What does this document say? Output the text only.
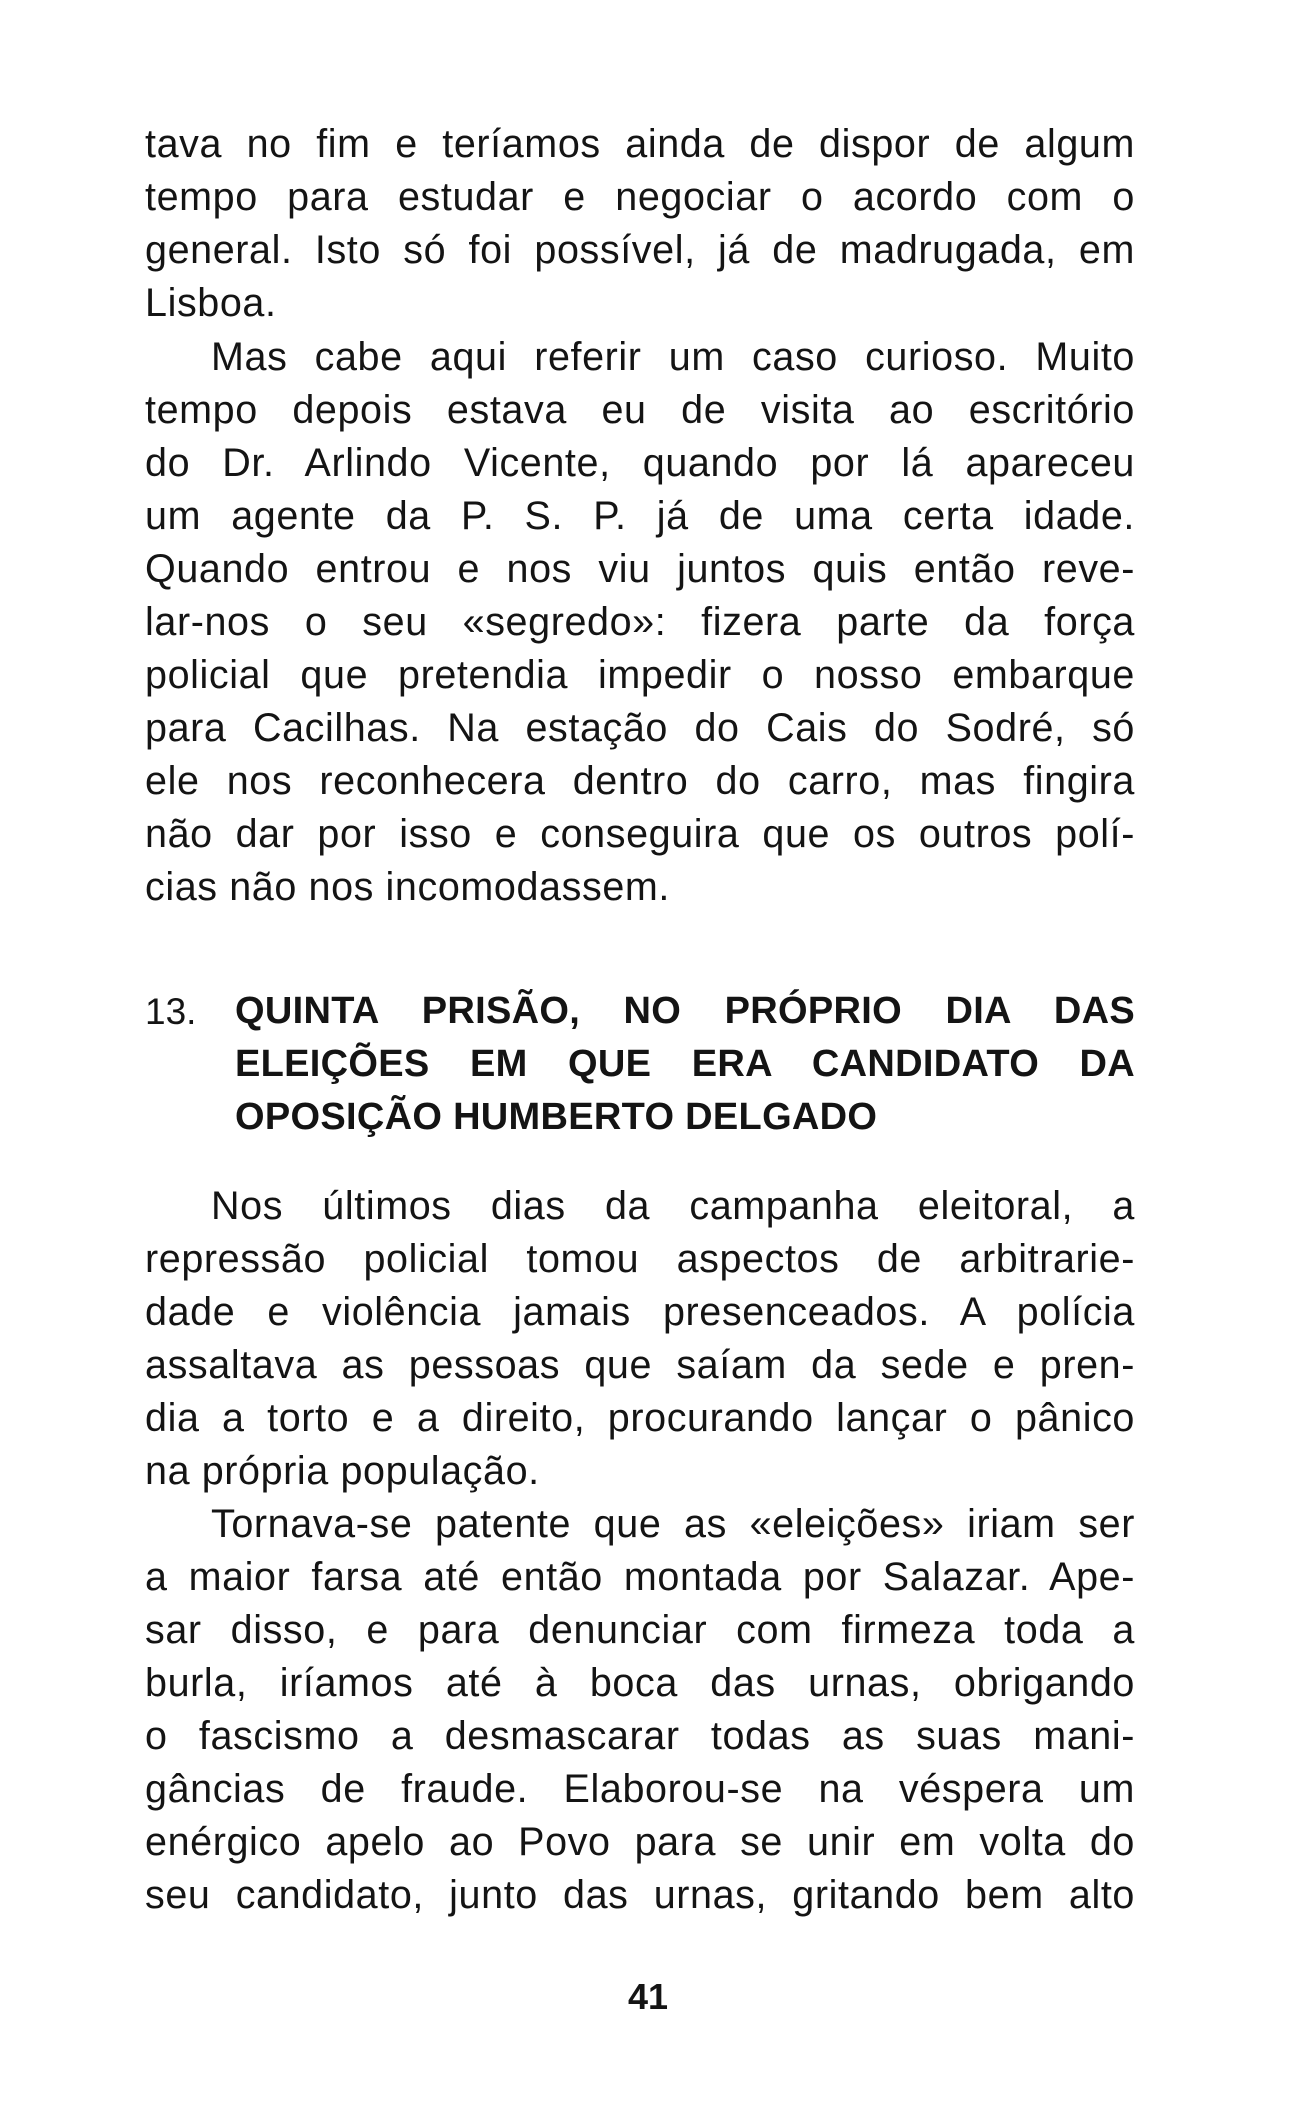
tava no fim e teríamos ainda de dispor de algum
tempo para estudar e negociar o acordo com o
general. Isto só foi possível, já de madrugada, em
Lisboa.
Mas cabe aqui referir um caso curioso. Muito
tempo depois estava eu de visita ao escritório
do Dr. Arlindo Vicente, quando por lá apareceu
um agente da P. S. P. já de uma certa idade.
Quando entrou e nos viu juntos quis então reve-
lar-nos o seu «segredo»: fizera parte da força
policial que pretendia impedir o nosso embarque
para Cacilhas. Na estação do Cais do Sodré, só
ele nos reconhecera dentro do carro, mas fingira
não dar por isso e conseguira que os outros polí-
cias não nos incomodassem.
13. QUINTA PRISÃO, NO PRÓPRIO DIA DAS
ELEIÇÕES EM QUE ERA CANDIDATO DA
OPOSIÇÃO HUMBERTO DELGADO
Nos últimos dias da campanha eleitoral, a
repressão policial tomou aspectos de arbitrarie-
dade e violência jamais presenceados. A polícia
assaltava as pessoas que saíam da sede e pren-
dia a torto e a direito, procurando lançar o pânico
na própria população.
Tornava-se patente que as «eleições» iriam ser
a maior farsa até então montada por Salazar. Ape-
sar disso, e para denunciar com firmeza toda a
burla, iríamos até à boca das urnas, obrigando
o fascismo a desmascarar todas as suas mani-
gâncias de fraude. Elaborou-se na véspera um
enérgico apelo ao Povo para se unir em volta do
seu candidato, junto das urnas, gritando bem alto
41
